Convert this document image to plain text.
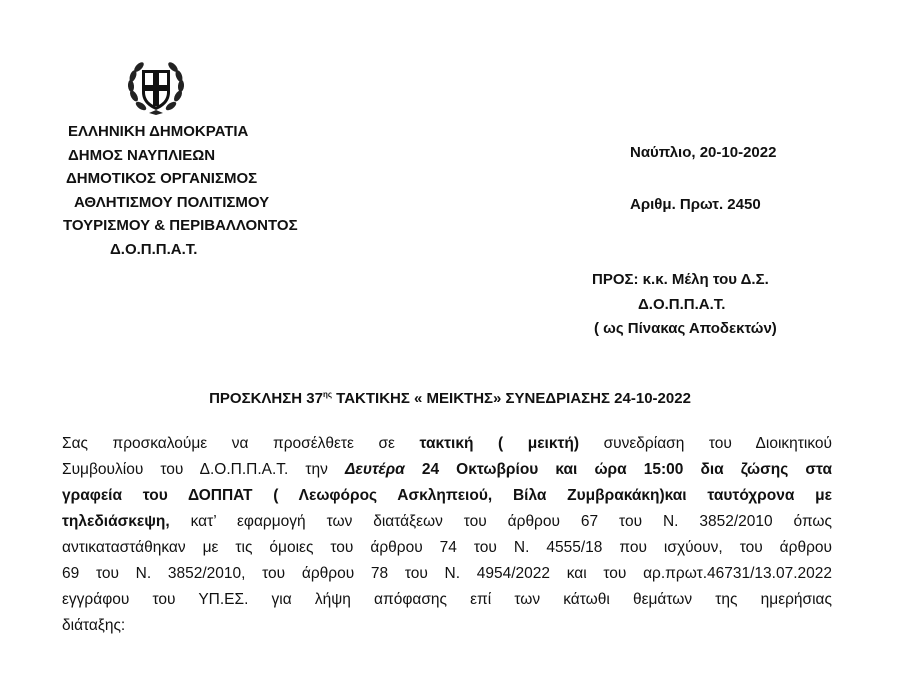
ΕΛΛΗΝΙΚΗ ΔΗΜΟΚΡΑΤΙΑ
ΔΗΜΟΣ ΝΑΥΠΛΙΕΩΝ
ΔΗΜΟΤΙΚΟΣ ΟΡΓΑΝΙΣΜΟΣ
ΑΘΛΗΤΙΣΜΟΥ ΠΟΛΙΤΙΣΜΟΥ
ΤΟΥΡΙΣΜΟΥ & ΠΕΡΙΒΑΛΛΟΝΤΟΣ
Δ.Ο.Π.Π.Α.Τ.
Ναύπλιο, 20-10-2022
Αριθμ. Πρωτ. 2450
ΠΡΟΣ: κ.κ. Μέλη του Δ.Σ.
Δ.Ο.Π.Π.Α.Τ.
( ως Πίνακας Αποδεκτών)
ΠΡΟΣΚΛΗΣΗ $37^{\eta\varsigma}$ ΤΑΚΤΙΚΗΣ « ΜΕΙΚΤΗΣ» ΣΥΝΕΔΡΙΑΣΗΣ 24-10-2022
Σας προσκαλούμε να προσέλθετε σε τακτική ( μεικτή) συνεδρίαση του Διοικητικού
Συμβουλίου του Δ.Ο.Π.Π.Α.Τ. την Δευτέρα 24 Οκτωβρίου και ώρα 15:00 δια ζώσης στα
γραφεία του ΔΟΠΠΑΤ ( Λεωφόρος Ασκληπειού, Βίλα Ζυμβρακάκη)και ταυτόχρονα με
τηλεδιάσκεψη, κατ’ εφαρμογή των διατάξεων του άρθρου 67 του Ν. 3852/2010 όπως
αντικαταστάθηκαν με τις όμοιες του άρθρου 74 του Ν. 4555/18 που ισχύουν, του άρθρου
69 του Ν. 3852/2010, του άρθρου 78 του Ν. 4954/2022 και του αρ.πρωτ.46731/13.07.2022
εγγράφου του ΥΠ.ΕΣ. για λήψη απόφασης επί των κάτωθι θεμάτων της ημερήσιας
διάταξης:
